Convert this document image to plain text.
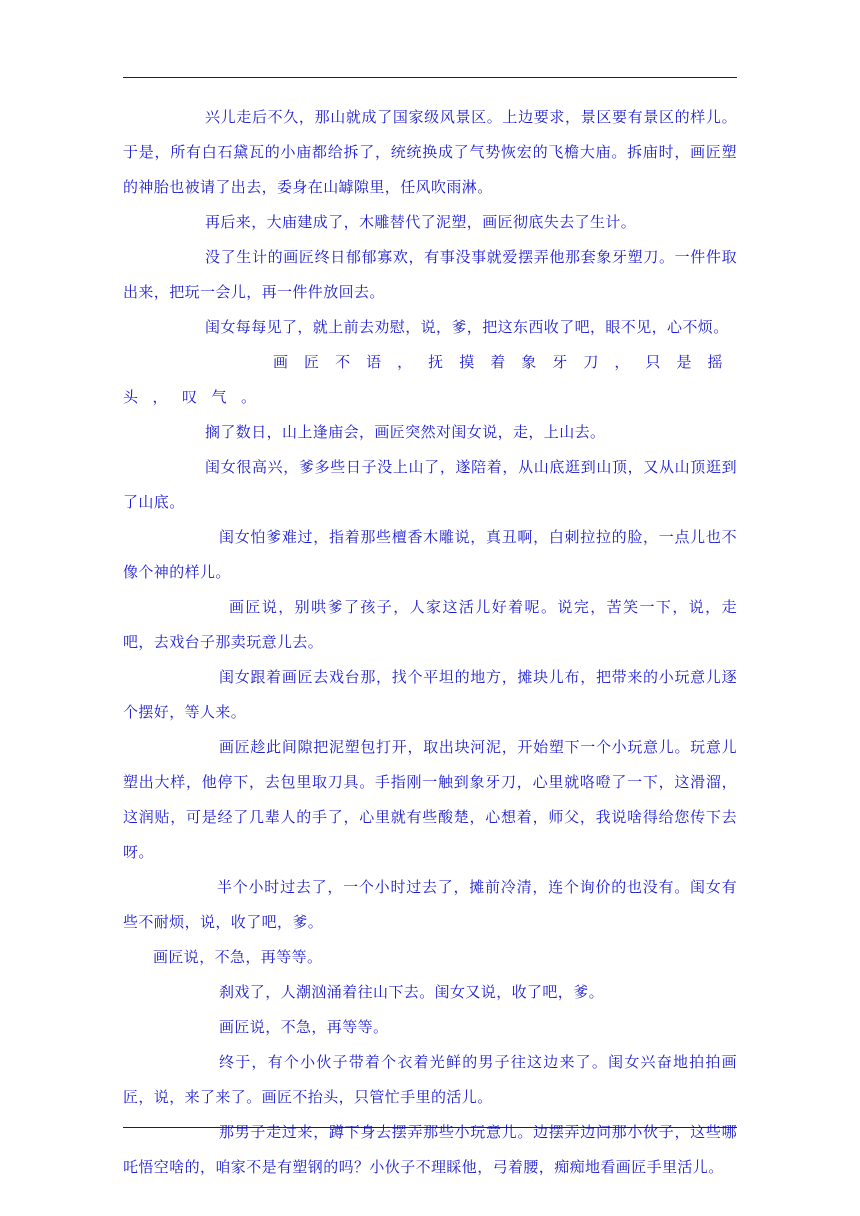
兴儿走后不久，那山就成了国家级风景区。上边要求，景区要有景区的样儿。于是，所有白石黛瓦的小庙都给拆了，统统换成了气势恢宏的飞檐大庙。拆庙时，画匠塑的神胎也被请了出去，委身在山罅隙里，任风吹雨淋。

再后来，大庙建成了，木雕替代了泥塑，画匠彻底失去了生计。

没了生计的画匠终日郁郁寡欢，有事没事就爱摆弄他那套象牙塑刀。一件件取出来，把玩一会儿，再一件件放回去。

闺女每每见了，就上前去劝慰，说，爹，把这东西收了吧，眼不见，心不烦。

画匠不语，抚摸着象牙刀，只是摇头，叹气。

搁了数日，山上逢庙会，画匠突然对闺女说，走，上山去。

闺女很高兴，爹多些日子没上山了，遂陪着，从山底逛到山顶，又从山顶逛到了山底。

闺女怕爹难过，指着那些檀香木雕说，真丑啊，白刺拉拉的脸，一点儿也不像个神的样儿。

画匠说，别哄爹了孩子，人家这活儿好着呢。说完，苦笑一下，说，走吧，去戏台子那卖玩意儿去。

闺女跟着画匠去戏台那，找个平坦的地方，摊块儿布，把带来的小玩意儿逐个摆好，等人来。

画匠趁此间隙把泥塑包打开，取出块河泥，开始塑下一个小玩意儿。玩意儿塑出大样，他停下，去包里取刀具。手指刚一触到象牙刀，心里就咯噔了一下，这滑溜，这润贴，可是经了几辈人的手了，心里就有些酸楚，心想着，师父，我说啥得给您传下去呀。

半个小时过去了，一个小时过去了，摊前冷清，连个询价的也没有。闺女有些不耐烦，说，收了吧，爹。

画匠说，不急，再等等。

刹戏了，人潮汹涌着往山下去。闺女又说，收了吧，爹。

画匠说，不急，再等等。

终于，有个小伙子带着个衣着光鲜的男子往这边来了。闺女兴奋地拍拍画匠，说，来了来了。画匠不抬头，只管忙手里的活儿。

那男子走过来，蹲下身去摆弄那些小玩意儿。边摆弄边问那小伙子，这些哪吒悟空啥的，咱家不是有塑钢的吗？小伙子不理睬他，弓着腰，痴痴地看画匠手里活儿。
